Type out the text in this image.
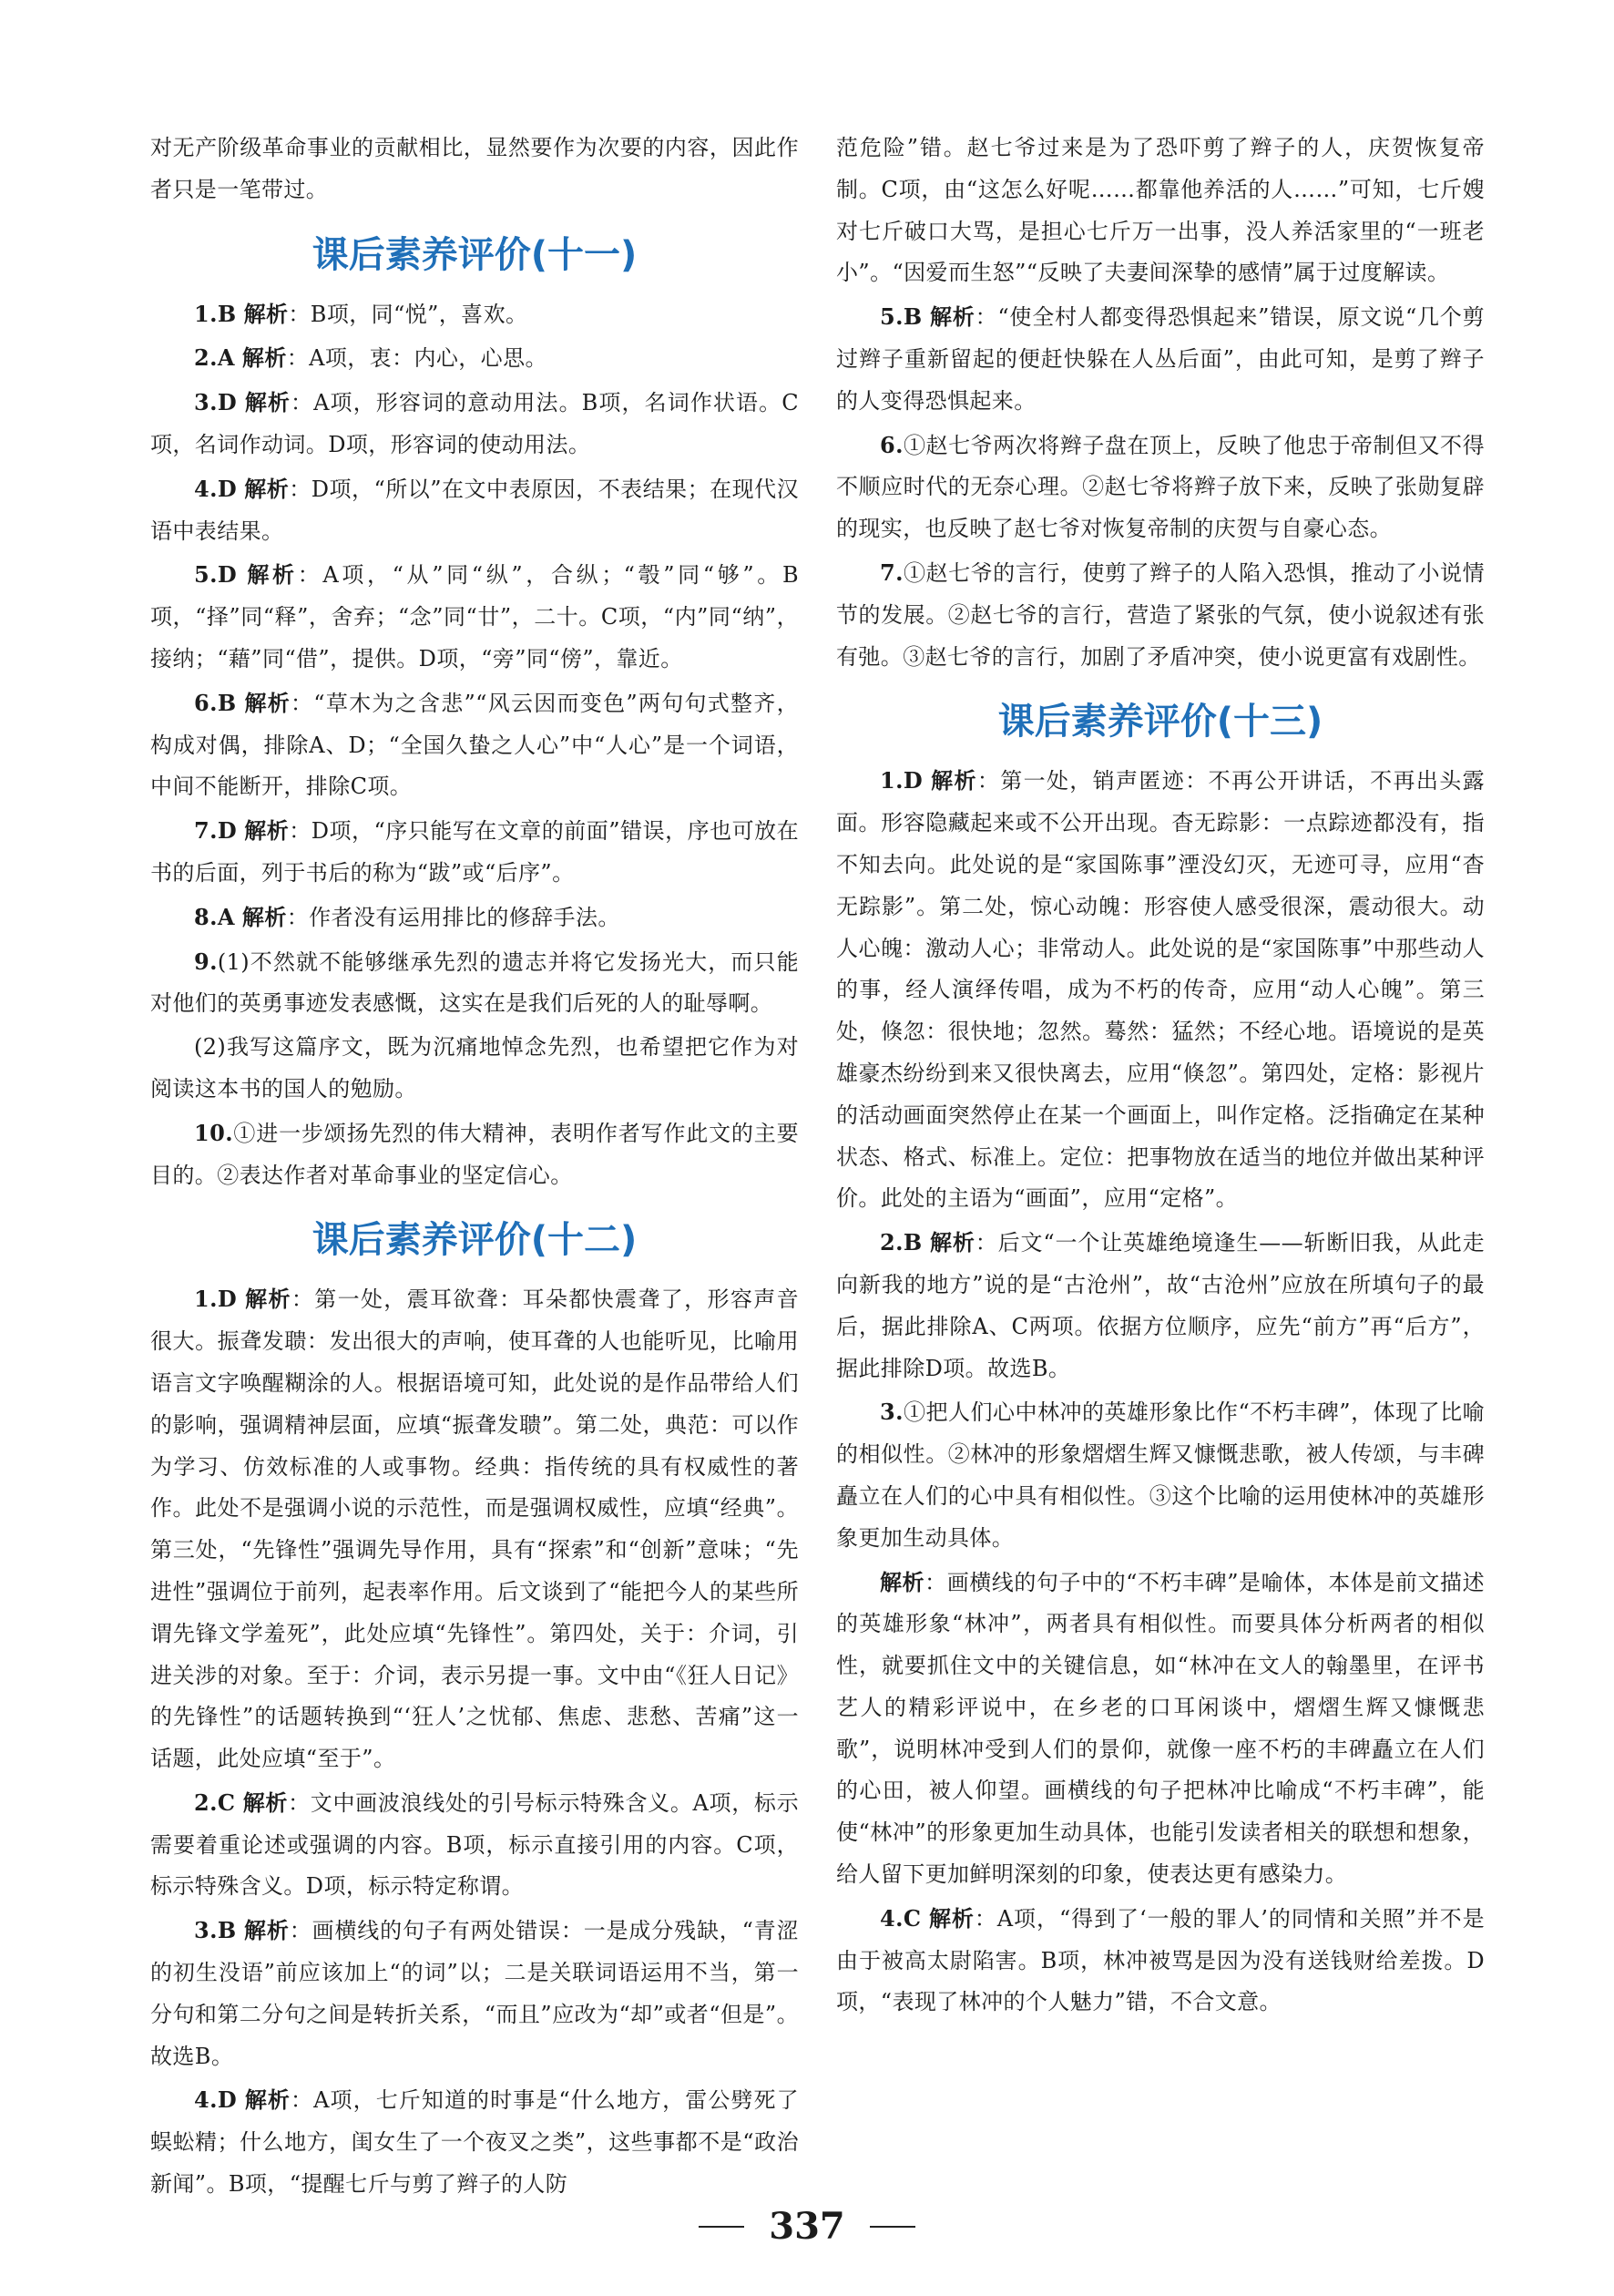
对无产阶级革命事业的贡献相比，显然要作为次要的内容，因此作者只是一笔带过。

课后素养评价(十一)

1.B 解析：B项，同“悦”，喜欢。

2.A 解析：A项，衷：内心，心思。

3.D 解析：A项，形容词的意动用法。B项，名词作状语。C项，名词作动词。D项，形容词的使动用法。

4.D 解析：D项，“所以”在文中表原因，不表结果；在现代汉语中表结果。

5.D 解析：A项，“从”同“纵”，合纵；“彀”同“够”。B项，“择”同“释”，舍弃；“念”同“廿”，二十。C项，“内”同“纳”，接纳；“藉”同“借”，提供。D项，“旁”同“傍”，靠近。

6.B 解析：“草木为之含悲”“风云因而变色”两句句式整齐，构成对偶，排除A、D；“全国久蛰之人心”中“人心”是一个词语，中间不能断开，排除C项。

7.D 解析：D项，“序只能写在文章的前面”错误，序也可放在书的后面，列于书后的称为“跋”或“后序”。

8.A 解析：作者没有运用排比的修辞手法。

9.(1)不然就不能够继承先烈的遗志并将它发扬光大，而只能对他们的英勇事迹发表感慨，这实在是我们后死的人的耻辱啊。

(2)我写这篇序文，既为沉痛地悼念先烈，也希望把它作为对阅读这本书的国人的勉励。

10.①进一步颂扬先烈的伟大精神，表明作者写作此文的主要目的。②表达作者对革命事业的坚定信心。

课后素养评价(十二)

1.D 解析：第一处，震耳欲聋：耳朵都快震聋了，形容声音很大。振聋发聩：发出很大的声响，使耳聋的人也能听见，比喻用语言文字唤醒糊涂的人。根据语境可知，此处说的是作品带给人们的影响，强调精神层面，应填“振聋发聩”。第二处，典范：可以作为学习、仿效标准的人或事物。经典：指传统的具有权威性的著作。此处不是强调小说的示范性，而是强调权威性，应填“经典”。第三处，“先锋性”强调先导作用，具有“探索”和“创新”意味；“先进性”强调位于前列，起表率作用。后文谈到了“能把今人的某些所谓先锋文学羞死”，此处应填“先锋性”。第四处，关于：介词，引进关涉的对象。至于：介词，表示另提一事。文中由“《狂人日记》的先锋性”的话题转换到“‘狂人’之忧郁、焦虑、悲愁、苦痛”这一话题，此处应填“至于”。

2.C 解析：文中画波浪线处的引号标示特殊含义。A项，标示需要着重论述或强调的内容。B项，标示直接引用的内容。C项，标示特殊含义。D项，标示特定称谓。

3.B 解析：画横线的句子有两处错误：一是成分残缺，“青涩的初生没语”前应该加上“的词”以；二是关联词语运用不当，第一分句和第二分句之间是转折关系，“而且”应改为“却”或者“但是”。故选B。

4.D 解析：A项，七斤知道的时事是“什么地方，雷公劈死了蜈蚣精；什么地方，闺女生了一个夜叉之类”，这些事都不是“政治新闻”。B项，“提醒七斤与剪了辫子的人防

范危险”错。赵七爷过来是为了恐吓剪了辫子的人，庆贺恢复帝制。C项，由“这怎么好呢……都靠他养活的人……”可知，七斤嫂对七斤破口大骂，是担心七斤万一出事，没人养活家里的“一班老小”。“因爱而生怒”“反映了夫妻间深挚的感情”属于过度解读。

5.B 解析：“使全村人都变得恐惧起来”错误，原文说“几个剪过辫子重新留起的便赶快躲在人丛后面”，由此可知，是剪了辫子的人变得恐惧起来。

6.①赵七爷两次将辫子盘在顶上，反映了他忠于帝制但又不得不顺应时代的无奈心理。②赵七爷将辫子放下来，反映了张勋复辟的现实，也反映了赵七爷对恢复帝制的庆贺与自豪心态。

7.①赵七爷的言行，使剪了辫子的人陷入恐惧，推动了小说情节的发展。②赵七爷的言行，营造了紧张的气氛，使小说叙述有张有弛。③赵七爷的言行，加剧了矛盾冲突，使小说更富有戏剧性。

课后素养评价(十三)

1.D 解析：第一处，销声匿迹：不再公开讲话，不再出头露面。形容隐藏起来或不公开出现。杳无踪影：一点踪迹都没有，指不知去向。此处说的是“家国陈事”湮没幻灭，无迹可寻，应用“杳无踪影”。第二处，惊心动魄：形容使人感受很深，震动很大。动人心魄：激动人心；非常动人。此处说的是“家国陈事”中那些动人的事，经人演绎传唱，成为不朽的传奇，应用“动人心魄”。第三处，倏忽：很快地；忽然。蓦然：猛然；不经心地。语境说的是英雄豪杰纷纷到来又很快离去，应用“倏忽”。第四处，定格：影视片的活动画面突然停止在某一个画面上，叫作定格。泛指确定在某种状态、格式、标准上。定位：把事物放在适当的地位并做出某种评价。此处的主语为“画面”，应用“定格”。

2.B 解析：后文“一个让英雄绝境逢生——斩断旧我，从此走向新我的地方”说的是“古沧州”，故“古沧州”应放在所填句子的最后，据此排除A、C两项。依据方位顺序，应先“前方”再“后方”，据此排除D项。故选B。

3.①把人们心中林冲的英雄形象比作“不朽丰碑”，体现了比喻的相似性。②林冲的形象熠熠生辉又慷慨悲歌，被人传颂，与丰碑矗立在人们的心中具有相似性。③这个比喻的运用使林冲的英雄形象更加生动具体。

解析：画横线的句子中的“不朽丰碑”是喻体，本体是前文描述的英雄形象“林冲”，两者具有相似性。而要具体分析两者的相似性，就要抓住文中的关键信息，如“林冲在文人的翰墨里，在评书艺人的精彩评说中，在乡老的口耳闲谈中，熠熠生辉又慷慨悲歌”，说明林冲受到人们的景仰，就像一座不朽的丰碑矗立在人们的心田，被人仰望。画横线的句子把林冲比喻成“不朽丰碑”，能使“林冲”的形象更加生动具体，也能引发读者相关的联想和想象，给人留下更加鲜明深刻的印象，使表达更有感染力。

4.C 解析：A项，“得到了‘一般的罪人’的同情和关照”并不是由于被高太尉陷害。B项，林冲被骂是因为没有送钱财给差拨。D项，“表现了林冲的个人魅力”错，不合文意。

337
